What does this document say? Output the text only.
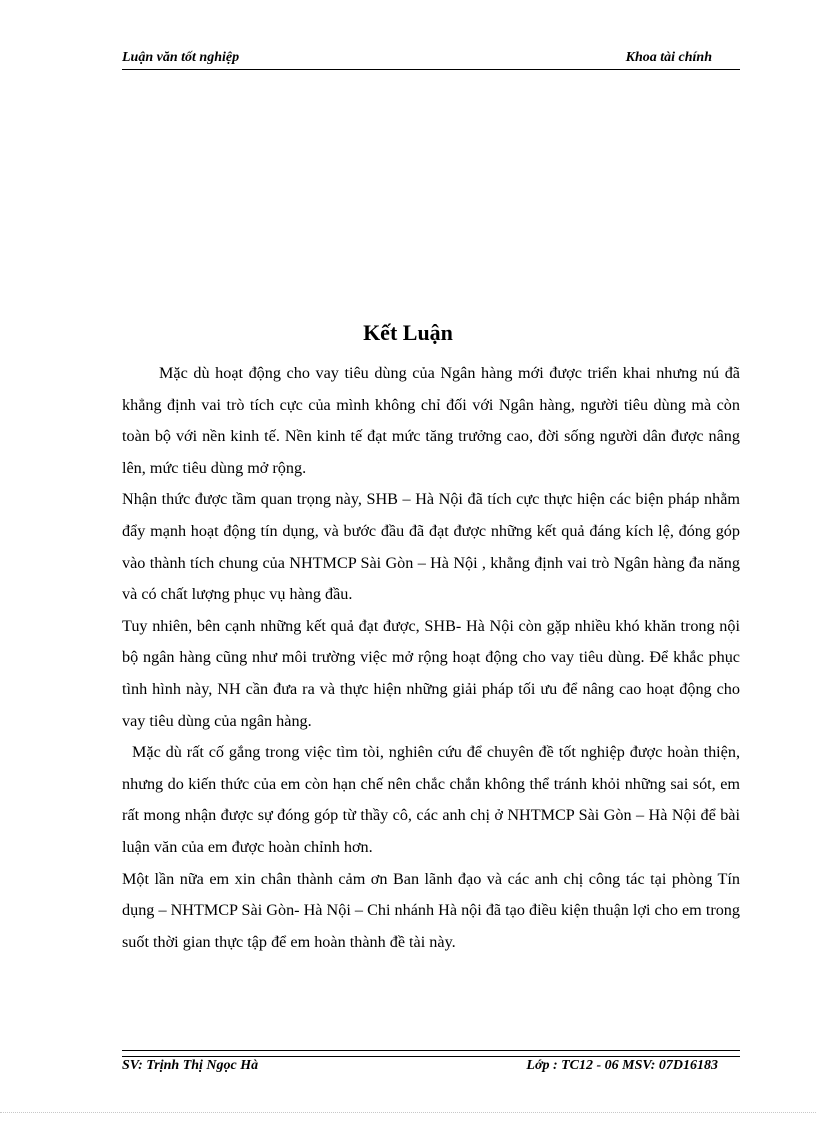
Luận văn tốt nghiệp	Khoa tài chính
Kết Luận

Mặc dù hoạt động cho vay tiêu dùng của Ngân hàng mới được triển khai nhưng nú đã khẳng định vai trò tích cực của mình không chỉ đối với Ngân hàng, người tiêu dùng mà còn toàn bộ với nền kinh tế. Nền kinh tế đạt mức tăng trưởng cao, đời sống người dân được nâng lên, mức tiêu dùng mở rộng.

Nhận thức được tầm quan trọng này, SHB – Hà Nội đã tích cực thực hiện các biện pháp nhằm đẩy mạnh hoạt động tín dụng, và bước đầu đã đạt được những kết quả đáng kích lệ, đóng góp vào thành tích chung của NHTMCP Sài Gòn – Hà Nội , khẳng định vai trò Ngân hàng đa năng và có chất lượng phục vụ hàng đầu.

Tuy nhiên, bên cạnh những kết quả đạt được, SHB- Hà Nội còn gặp nhiều khó khăn trong nội bộ ngân hàng cũng như môi trường việc mở rộng hoạt động cho vay tiêu dùng. Để khắc phục tình hình này, NH cần đưa ra và thực hiện những giải pháp tối ưu để nâng cao hoạt động cho vay tiêu dùng của ngân hàng.

Mặc dù rất cố gắng trong việc tìm tòi, nghiên cứu để chuyên đề tốt nghiệp được hoàn thiện, nhưng do kiến thức của em còn hạn chế nên chắc chắn không thể tránh khỏi những sai sót, em rất mong nhận được sự đóng góp từ thầy cô, các anh chị ở NHTMCP Sài Gòn – Hà Nội để bài luận văn của em được hoàn chỉnh hơn.

Một lần nữa em xin chân thành cảm ơn Ban lãnh đạo và các anh chị công tác tại phòng Tín dụng – NHTMCP Sài Gòn- Hà Nội – Chi nhánh Hà nội đã tạo điều kiện thuận lợi cho em trong suốt thời gian thực tập để em hoàn thành đề tài này.

SV: Trịnh Thị Ngọc Hà	Lớp : TC12 - 06 MSV: 07D16183
